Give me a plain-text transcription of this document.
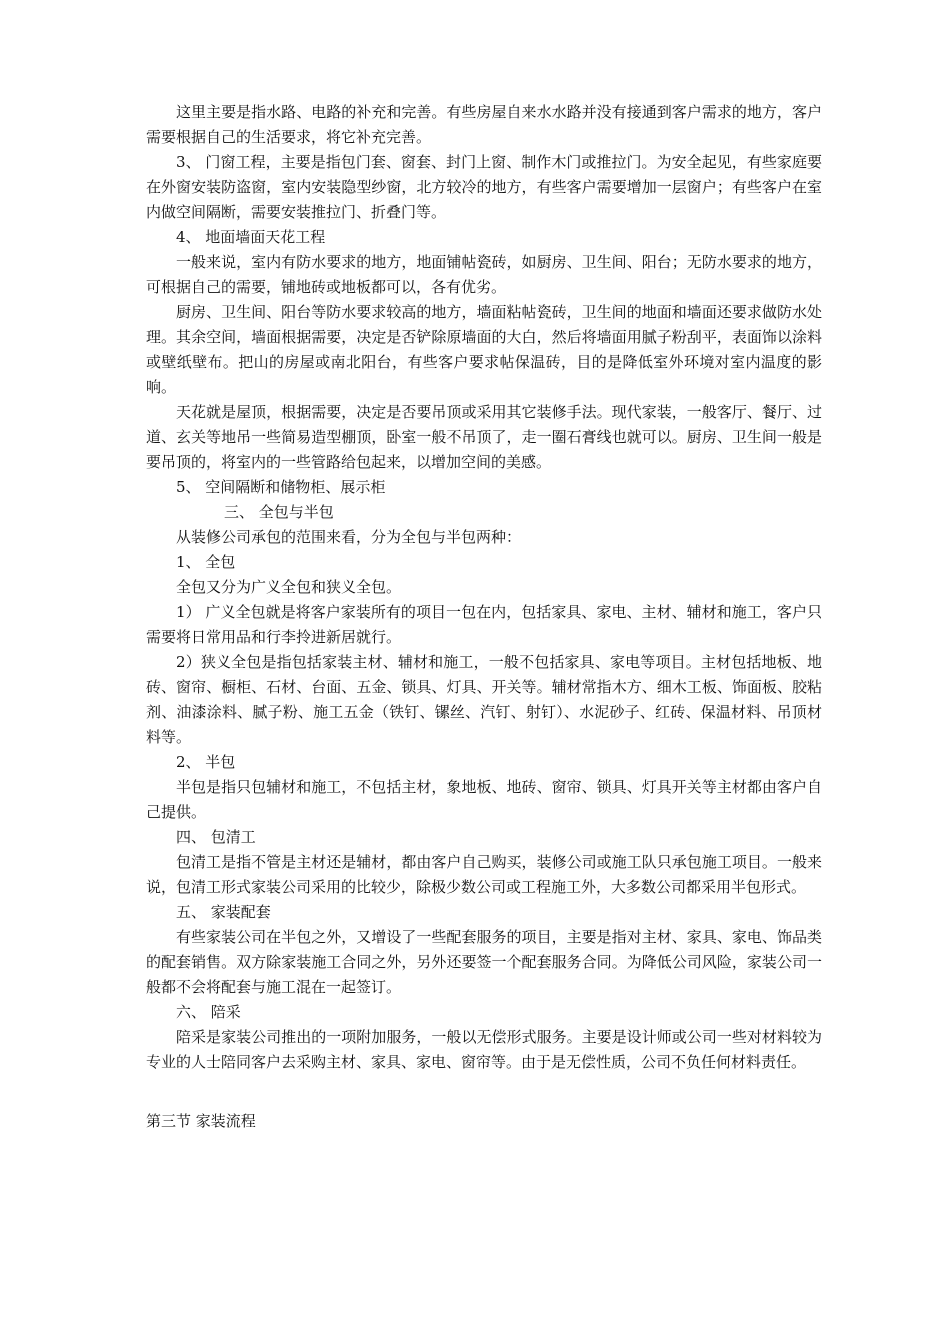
这里主要是指水路、电路的补充和完善。有些房屋自来水水路并没有接通到客户需求的地方，客户需要根据自己的生活要求，将它补充完善。

3、 门窗工程，主要是指包门套、窗套、封门上窗、制作木门或推拉门。为安全起见，有些家庭要在外窗安装防盗窗，室内安装隐型纱窗，北方较冷的地方，有些客户需要增加一层窗户；有些客户在室内做空间隔断，需要安装推拉门、折叠门等。

4、 地面墙面天花工程

一般来说，室内有防水要求的地方，地面铺帖瓷砖，如厨房、卫生间、阳台；无防水要求的地方，可根据自己的需要，铺地砖或地板都可以，各有优劣。

厨房、卫生间、阳台等防水要求较高的地方，墙面粘帖瓷砖，卫生间的地面和墙面还要求做防水处理。其余空间，墙面根据需要，决定是否铲除原墙面的大白，然后将墙面用腻子粉刮平，表面饰以涂料或壁纸壁布。把山的房屋或南北阳台，有些客户要求帖保温砖，目的是降低室外环境对室内温度的影响。

天花就是屋顶，根据需要，决定是否要吊顶或采用其它装修手法。现代家装，一般客厅、餐厅、过道、玄关等地吊一些简易造型棚顶，卧室一般不吊顶了，走一圈石膏线也就可以。厨房、卫生间一般是要吊顶的，将室内的一些管路给包起来，以增加空间的美感。

5、 空间隔断和储物柜、展示柜

三、 全包与半包

从装修公司承包的范围来看，分为全包与半包两种：

1、 全包

全包又分为广义全包和狭义全包。

1） 广义全包就是将客户家装所有的项目一包在内，包括家具、家电、主材、辅材和施工，客户只需要将日常用品和行李拎进新居就行。

2）狭义全包是指包括家装主材、辅材和施工，一般不包括家具、家电等项目。主材包括地板、地砖、窗帘、橱柜、石材、台面、五金、锁具、灯具、开关等。辅材常指木方、细木工板、饰面板、胶粘剂、油漆涂料、腻子粉、施工五金（铁钉、镙丝、汽钉、射钉）、水泥砂子、红砖、保温材料、吊顶材料等。

2、 半包

半包是指只包辅材和施工，不包括主材，象地板、地砖、窗帘、锁具、灯具开关等主材都由客户自己提供。

四、 包清工

包清工是指不管是主材还是辅材，都由客户自己购买，装修公司或施工队只承包施工项目。一般来说，包清工形式家装公司采用的比较少，除极少数公司或工程施工外，大多数公司都采用半包形式。

五、 家装配套

有些家装公司在半包之外，又增设了一些配套服务的项目，主要是指对主材、家具、家电、饰品类的配套销售。双方除家装施工合同之外，另外还要签一个配套服务合同。为降低公司风险，家装公司一般都不会将配套与施工混在一起签订。

六、 陪采

陪采是家装公司推出的一项附加服务，一般以无偿形式服务。主要是设计师或公司一些对材料较为专业的人士陪同客户去采购主材、家具、家电、窗帘等。由于是无偿性质，公司不负任何材料责任。

第三节 家装流程
